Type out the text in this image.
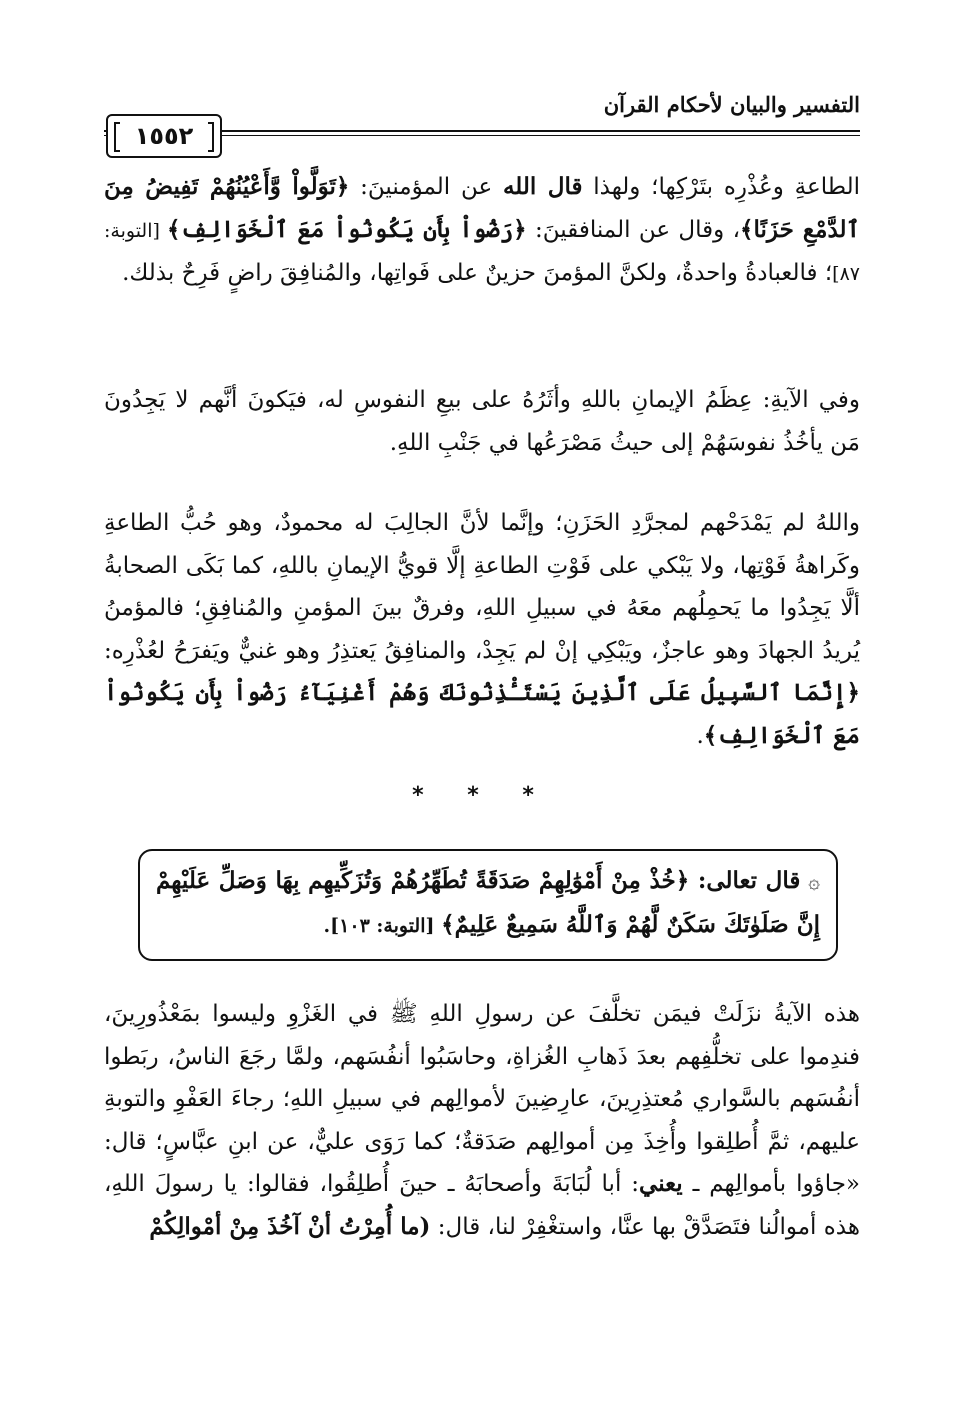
التفسير والبيان لأحكام القرآن
١٥٥٢

الطاعةِ وعُذْرِه بتَرْكِها؛ ولهذا قال الله عن المؤمنينَ: ﴿تَوَلَّواْ وَّأَعْيُنُهُمْ تَفِيضُ مِنَ ٱلدَّمْعِ حَزَنًا﴾، وقال عن المنافقينَ: ﴿رَضُواْ بِأَن يَكُونُواْ مَعَ ٱلْخَوَالِفِ﴾ [التوبة: ٨٧]؛ فالعبادةُ واحدةٌ، ولكنَّ المؤمنَ حزينٌ على فَواتِها، والمُنافِقَ راضٍ فَرِحٌ بذلك.

وفي الآيةِ: عِظَمُ الإيمانِ باللهِ وأثَرُهُ على بيعِ النفوسِ له، فيَكونَ أنَّهم لا يَجِدُونَ مَن يأخُذُ نفوسَهُمْ إلى حيثُ مَصْرَعُها في جَنْبِ اللهِ.

واللهُ لم يَمْدَحْهم لمجرَّدِ الحَزَنِ؛ وإنَّما لأنَّ الجالِبَ له محمودٌ، وهو حُبُّ الطاعةِ وكَراهةُ فَوْتِها، ولا يَبْكي على فَوْتِ الطاعةِ إلَّا قويُّ الإيمانِ باللهِ، كما بَكَى الصحابةُ ألَّا يَجِدُوا ما يَحمِلُهم معَهُ في سبيلِ اللهِ، وفرقٌ بينَ المؤمنِ والمُنافِقِ؛ فالمؤمنُ يُريدُ الجهادَ وهو عاجزٌ، ويَبْكِي إنْ لم يَجِدْ، والمنافِقُ يَعتذِرُ وهو غنيٌّ ويَفرَحُ لعُذْرِه: ﴿إِنَّمَا ٱلسَّبِيلُ عَلَى ٱلَّذِينَ يَسْتَـْٔذِنُونَكَ وَهُمْ أَغْنِيَآءُ رَضُواْ بِأَن يَكُونُواْ مَعَ ٱلْخَوَالِفِ﴾.

* * *
۞ قال تعالى: ﴿خُذْ مِنْ أَمْوَٰلِهِمْ صَدَقَةً تُطَهِّرُهُمْ وَتُزَكِّيهِم بِهَا وَصَلِّ عَلَيْهِمْ إِنَّ صَلَوٰتَكَ سَكَنٌ لَّهُمْ وَٱللَّهُ سَمِيعٌ عَلِيمٌ﴾ [التوبة: ١٠٣].

هذه الآيةُ نزَلَتْ فيمَن تخلَّفَ عن رسولِ اللهِ ﷺ في الغَزْوِ وليسوا بمَعْذُورِينَ، فندِموا على تخلُّفِهم بعدَ ذَهابِ الغُزاةِ، وحاسَبُوا أنفُسَهم، ولمَّا رجَعَ الناسُ، ربَطوا أنفُسَهم بالسَّواري مُعتذِرِينَ، عارِضِينَ لأموالِهم في سبيلِ اللهِ؛ رجاءَ العَفْوِ والتوبةِ عليهم، ثمَّ أُطلِقوا وأُخِذَ مِن أموالِهم صَدَقةٌ؛ كما رَوَى عليٌّ، عن ابنِ عبَّاسٍ؛ قال: «جاؤوا بأموالِهم ـ يعني: أبا لُبَابَةَ وأصحابَهُ ـ حينَ أُطلِقُوا، فقالوا: يا رسولَ اللهِ، هذه أموالُنا فتَصَدَّقْ بها عنَّا، واستغْفِرْ لنا، قال: (ما أُمِرْتُ أنْ آخُذَ مِنْ أمْوالِكُمْ
